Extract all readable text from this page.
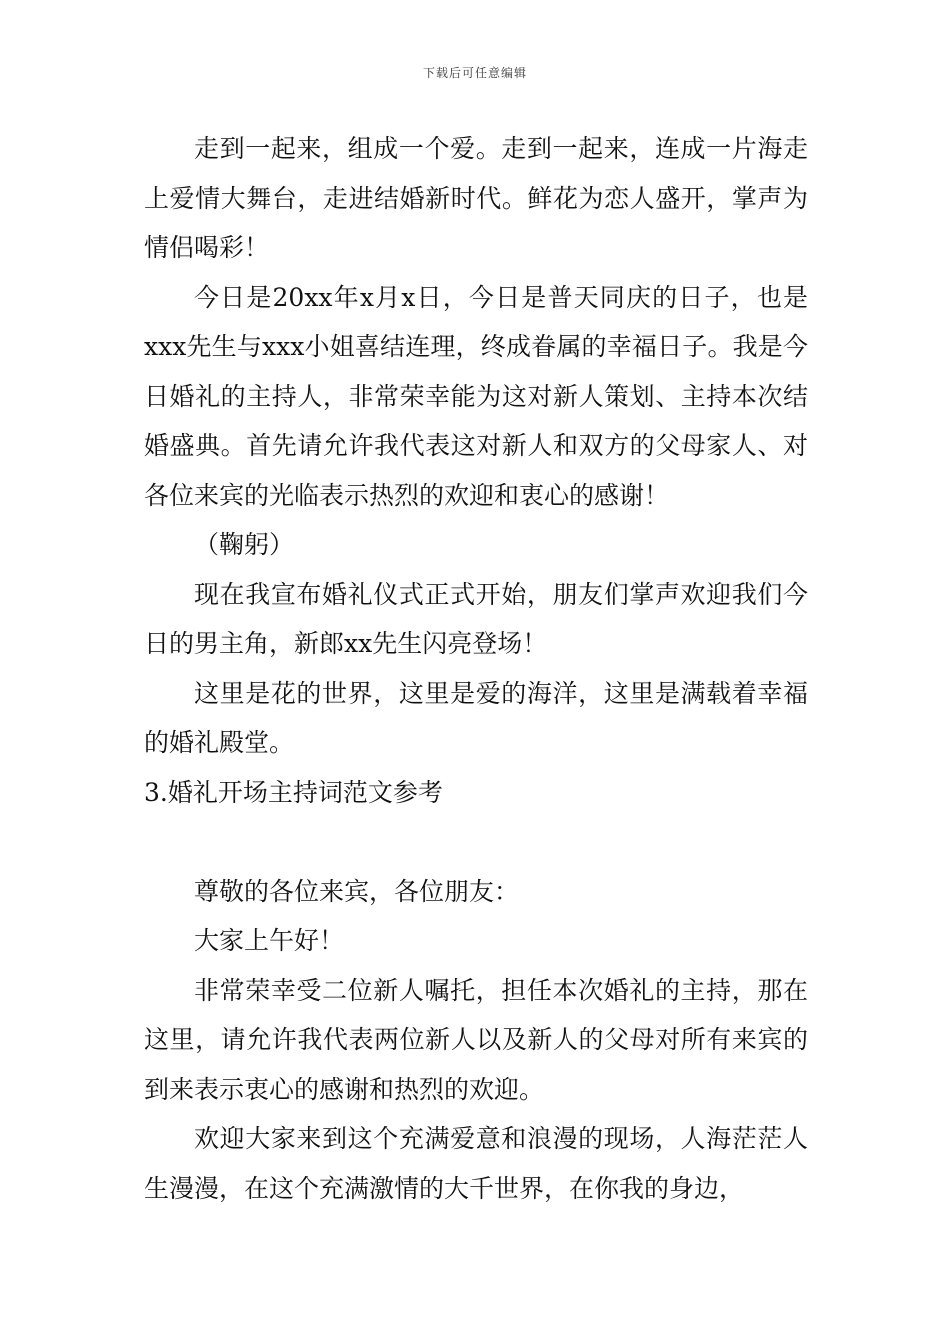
下载后可任意编辑

走到一起来，组成一个爱。走到一起来，连成一片海走上爱情大舞台，走进结婚新时代。鲜花为恋人盛开，掌声为情侣喝彩！

今日是20xx年x月x日，今日是普天同庆的日子，也是xxx先生与xxx小姐喜结连理，终成眷属的幸福日子。我是今日婚礼的主持人，非常荣幸能为这对新人策划、主持本次结婚盛典。首先请允许我代表这对新人和双方的父母家人、对各位来宾的光临表示热烈的欢迎和衷心的感谢！

（鞠躬）

现在我宣布婚礼仪式正式开始，朋友们掌声欢迎我们今日的男主角，新郎xx先生闪亮登场！

这里是花的世界，这里是爱的海洋，这里是满载着幸福的婚礼殿堂。

3.婚礼开场主持词范文参考

尊敬的各位来宾，各位朋友：

大家上午好！

非常荣幸受二位新人嘱托，担任本次婚礼的主持，那在这里，请允许我代表两位新人以及新人的父母对所有来宾的到来表示衷心的感谢和热烈的欢迎。

欢迎大家来到这个充满爱意和浪漫的现场，人海茫茫人生漫漫，在这个充满激情的大千世界，在你我的身边，
